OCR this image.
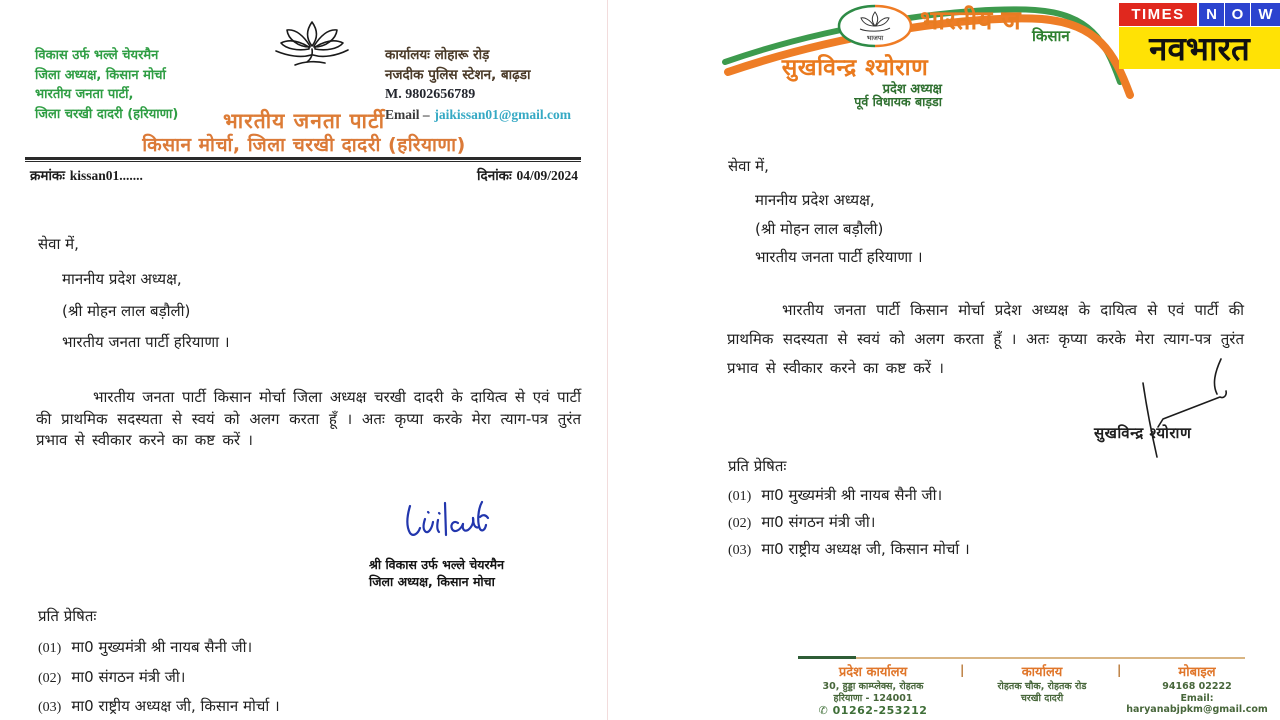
विकास उर्फ भल्ले चेयरमैन
जिला अध्यक्ष, किसान मोर्चा
भारतीय जनता पार्टी,
जिला चरखी दादरी (हरियाणा)
कार्यालयः लोहारू रोड़
नजदीक पुलिस स्टेशन, बाढ़डा
M. 9802656789
Email – jaikissan01@gmail.com
भारतीय जनता पार्टी
किसान मोर्चा, जिला चरखी दादरी (हरियाणा)
क्रमांकः kissan01.......	दिनांकः 04/09/2024
सेवा में,
माननीय प्रदेश अध्यक्ष,
(श्री मोहन लाल बड़ौली)
भारतीय जनता पार्टी हरियाणा ।
भारतीय जनता पार्टी किसान मोर्चा जिला अध्यक्ष चरखी दादरी के दायित्व से एवं पार्टी की प्राथमिक सदस्यता से स्वयं को अलग करता हूँ । अतः कृप्या करके मेरा त्याग-पत्र तुरंत प्रभाव से स्वीकार करने का कष्ट करें ।
श्री विकास उर्फ भल्ले चेयरमैन
जिला अध्यक्ष, किसान मोचा
प्रति प्रेषितः
(01) मा0 मुख्यमंत्री श्री नायब सैनी जी।
(02) मा0 संगठन मंत्री जी।
(03) मा0 राष्ट्रीय अध्यक्ष जी, किसान मोर्चा ।
भारतीय ज किसान
भाजपा
सुखविन्द्र श्योराण
प्रदेश अध्यक्ष
पूर्व विधायक बाड़डा
सेवा में,
माननीय प्रदेश अध्यक्ष,
(श्री मोहन लाल बड़ौली)
भारतीय जनता पार्टी हरियाणा ।
भारतीय जनता पार्टी किसान मोर्चा प्रदेश अध्यक्ष के दायित्व से एवं पार्टी की प्राथमिक सदस्यता से स्वयं को अलग करता हूँ । अतः कृप्या करके मेरा त्याग-पत्र तुरंत प्रभाव से स्वीकार करने का कष्ट करें ।
सुखविन्द्र श्योराण
प्रति प्रेषितः
(01) मा0 मुख्यमंत्री श्री नायब सैनी जी।
(02) मा0 संगठन मंत्री जी।
(03) मा0 राष्ट्रीय अध्यक्ष जी, किसान मोर्चा ।
प्रदेश कार्यालय
30, हुड्डा काम्प्लेक्स, रोहतक
हरियाणा - 124001
✆ 01262-253212
|	कार्यालय
रोहतक चौक, रोहतक रोड
चरखी दादरी
|	मोबाइल
94168 02222
Email:
haryanabjpkm@gmail.com
TIMES	N O	W
नवभारत
